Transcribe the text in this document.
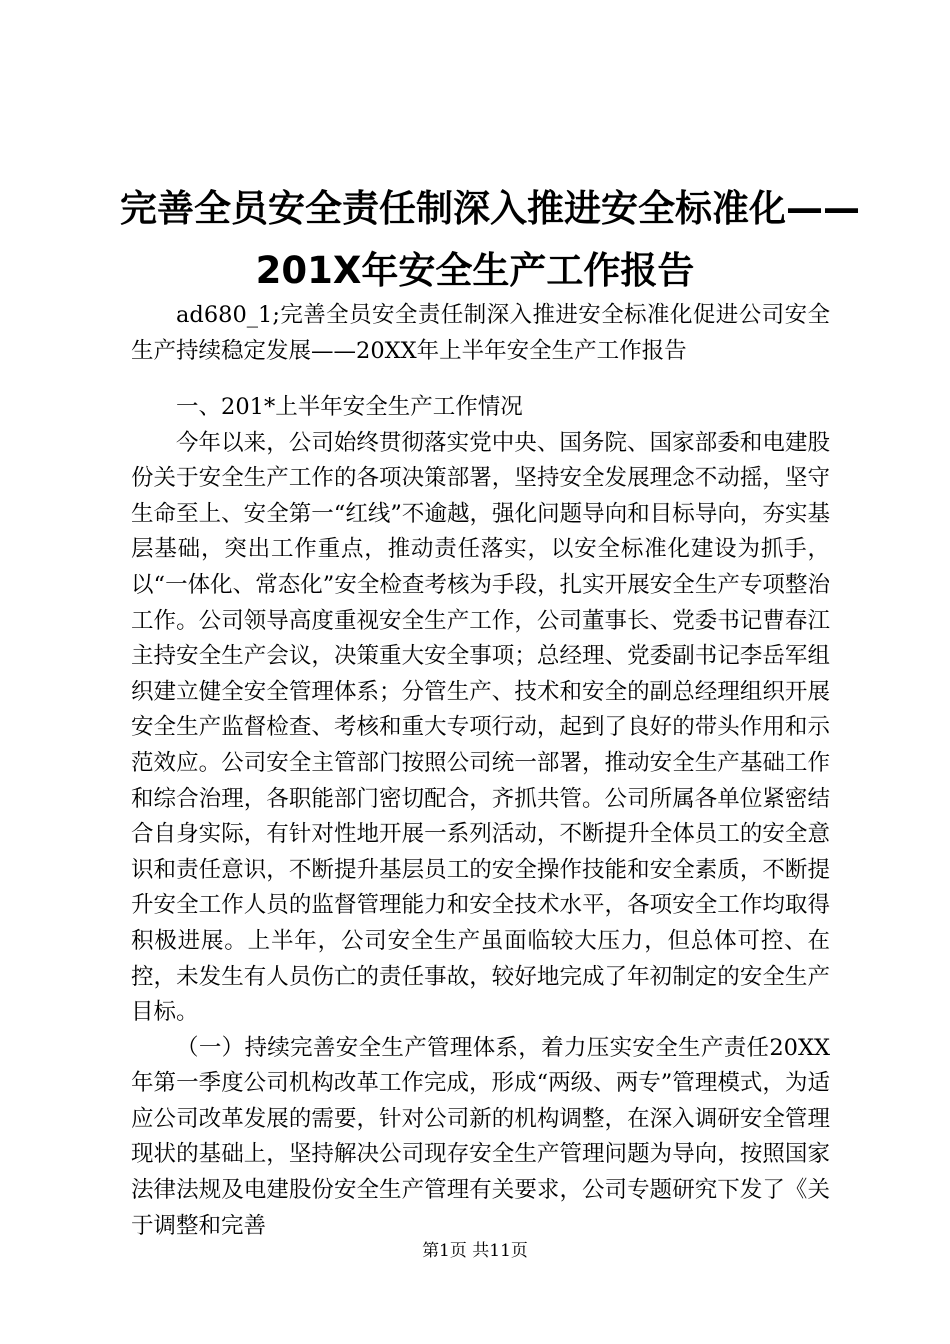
完善全员安全责任制深入推进安全标准化——
201X年安全生产工作报告

ad680_1;完善全员安全责任制深入推进安全标准化促进公司安全生产持续稳定发展——20XX年上半年安全生产工作报告

一、201*上半年安全生产工作情况

今年以来，公司始终贯彻落实党中央、国务院、国家部委和电建股份关于安全生产工作的各项决策部署，坚持安全发展理念不动摇，坚守生命至上、安全第一“红线”不逾越，强化问题导向和目标导向，夯实基层基础，突出工作重点，推动责任落实，以安全标准化建设为抓手，以“一体化、常态化”安全检查考核为手段，扎实开展安全生产专项整治工作。公司领导高度重视安全生产工作，公司董事长、党委书记曹春江主持安全生产会议，决策重大安全事项；总经理、党委副书记李岳军组织建立健全安全管理体系；分管生产、技术和安全的副总经理组织开展安全生产监督检查、考核和重大专项行动，起到了良好的带头作用和示范效应。公司安全主管部门按照公司统一部署，推动安全生产基础工作和综合治理，各职能部门密切配合，齐抓共管。公司所属各单位紧密结合自身实际，有针对性地开展一系列活动，不断提升全体员工的安全意识和责任意识，不断提升基层员工的安全操作技能和安全素质，不断提升安全工作人员的监督管理能力和安全技术水平，各项安全工作均取得积极进展。上半年，公司安全生产虽面临较大压力，但总体可控、在控，未发生有人员伤亡的责任事故，较好地完成了年初制定的安全生产目标。

（一）持续完善安全生产管理体系，着力压实安全生产责任20XX年第一季度公司机构改革工作完成，形成“两级、两专”管理模式，为适应公司改革发展的需要，针对公司新的机构调整，在深入调研安全管理现状的基础上，坚持解决公司现存安全生产管理问题为导向，按照国家法律法规及电建股份安全生产管理有关要求，公司专题研究下发了《关于调整和完善

第1页 共11页
